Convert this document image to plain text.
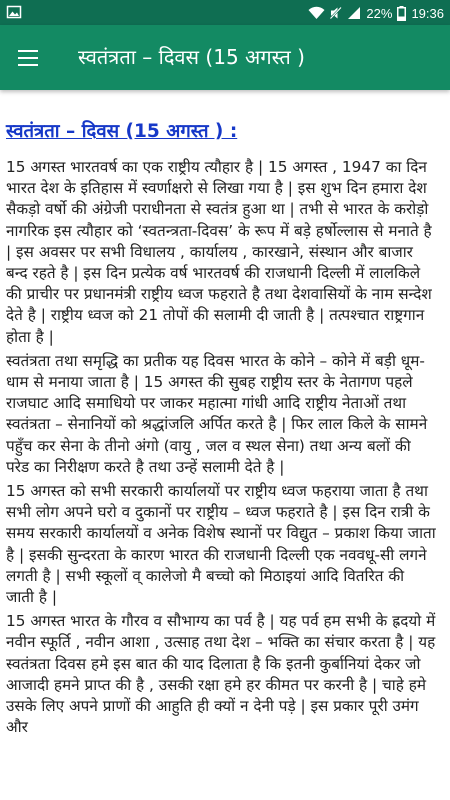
22% 19:36
स्वतंत्रता – दिवस (15 अगस्त )
स्वतंत्रता – दिवस (15 अगस्त ) :

15 अगस्त भारतवर्ष का एक राष्ट्रीय त्यौहार है | 15 अगस्त , 1947 का दिन भारत देश के इतिहास में स्वर्णाक्षरो से लिखा गया है | इस शुभ दिन हमारा देश सैकड़ो वर्षो की अंग्रेजी पराधीनता से स्वतंत्र हुआ था | तभी से भारत के करोड़ो नागरिक इस त्यौहार को ‘स्वतन्त्रता-दिवस’ के रूप में बड़े हर्षोल्लास से मनाते है | इस अवसर पर सभी विधालय , कार्यालय , कारखाने, संस्थान और बाजार बन्द रहते है | इस दिन प्रत्येक वर्ष भारतवर्ष की राजधानी दिल्ली में लालकिले की प्राचीर पर प्रधानमंत्री राष्ट्रीय ध्वज फहराते है तथा देशवासियों के नाम सन्देश देते है | राष्ट्रीय ध्वज को 21 तोपों की सलामी दी जाती है | तत्पश्चात राष्ट्रगान होता है |

स्वतंत्रता तथा समृद्धि का प्रतीक यह दिवस भारत के कोने – कोने में बड़ी धूम-धाम से मनाया जाता है | 15 अगस्त की सुबह राष्ट्रीय स्तर के नेतागण पहले राजघाट आदि समाधियो पर जाकर महात्मा गांधी आदि राष्ट्रीय नेताओं तथा स्वतंत्रता – सेनानियों को श्रद्धांजलि अर्पित करते है | फिर लाल किले के सामने पहुँच कर सेना के तीनो अंगो (वायु , जल व स्थल सेना) तथा अन्य बलों की परेड का निरीक्षण करते है तथा उन्हें सलामी देते है |

15 अगस्त को सभी सरकारी कार्यालयों पर राष्ट्रीय ध्वज फहराया जाता है तथा सभी लोग अपने घरो व दुकानों पर राष्ट्रीय – ध्वज फहराते है | इस दिन रात्री के समय सरकारी कार्यालयों व अनेक विशेष स्थानों पर विद्युत – प्रकाश किया जाता है | इसकी सुन्दरता के कारण भारत की राजधानी दिल्ली एक नववधू-सी लगने लगती है | सभी स्कूलों व् कालेजो मै बच्चो को मिठाइयां आदि वितरित की जाती है |

15 अगस्त भारत के गौरव व सौभाग्य का पर्व है | यह पर्व हम सभी के ह्रदयो में नवीन स्फूर्ति , नवीन आशा , उत्साह तथा देश – भक्ति का संचार करता है | यह स्वतंत्रता दिवस हमे इस बात की याद दिलाता है कि इतनी कुर्बानियां देकर जो आजादी हमने प्राप्त की है , उसकी रक्षा हमे हर कीमत पर करनी है | चाहे हमे उसके लिए अपने प्राणों की आहुति ही क्यों न देनी पड़े | इस प्रकार पूरी उमंग और
